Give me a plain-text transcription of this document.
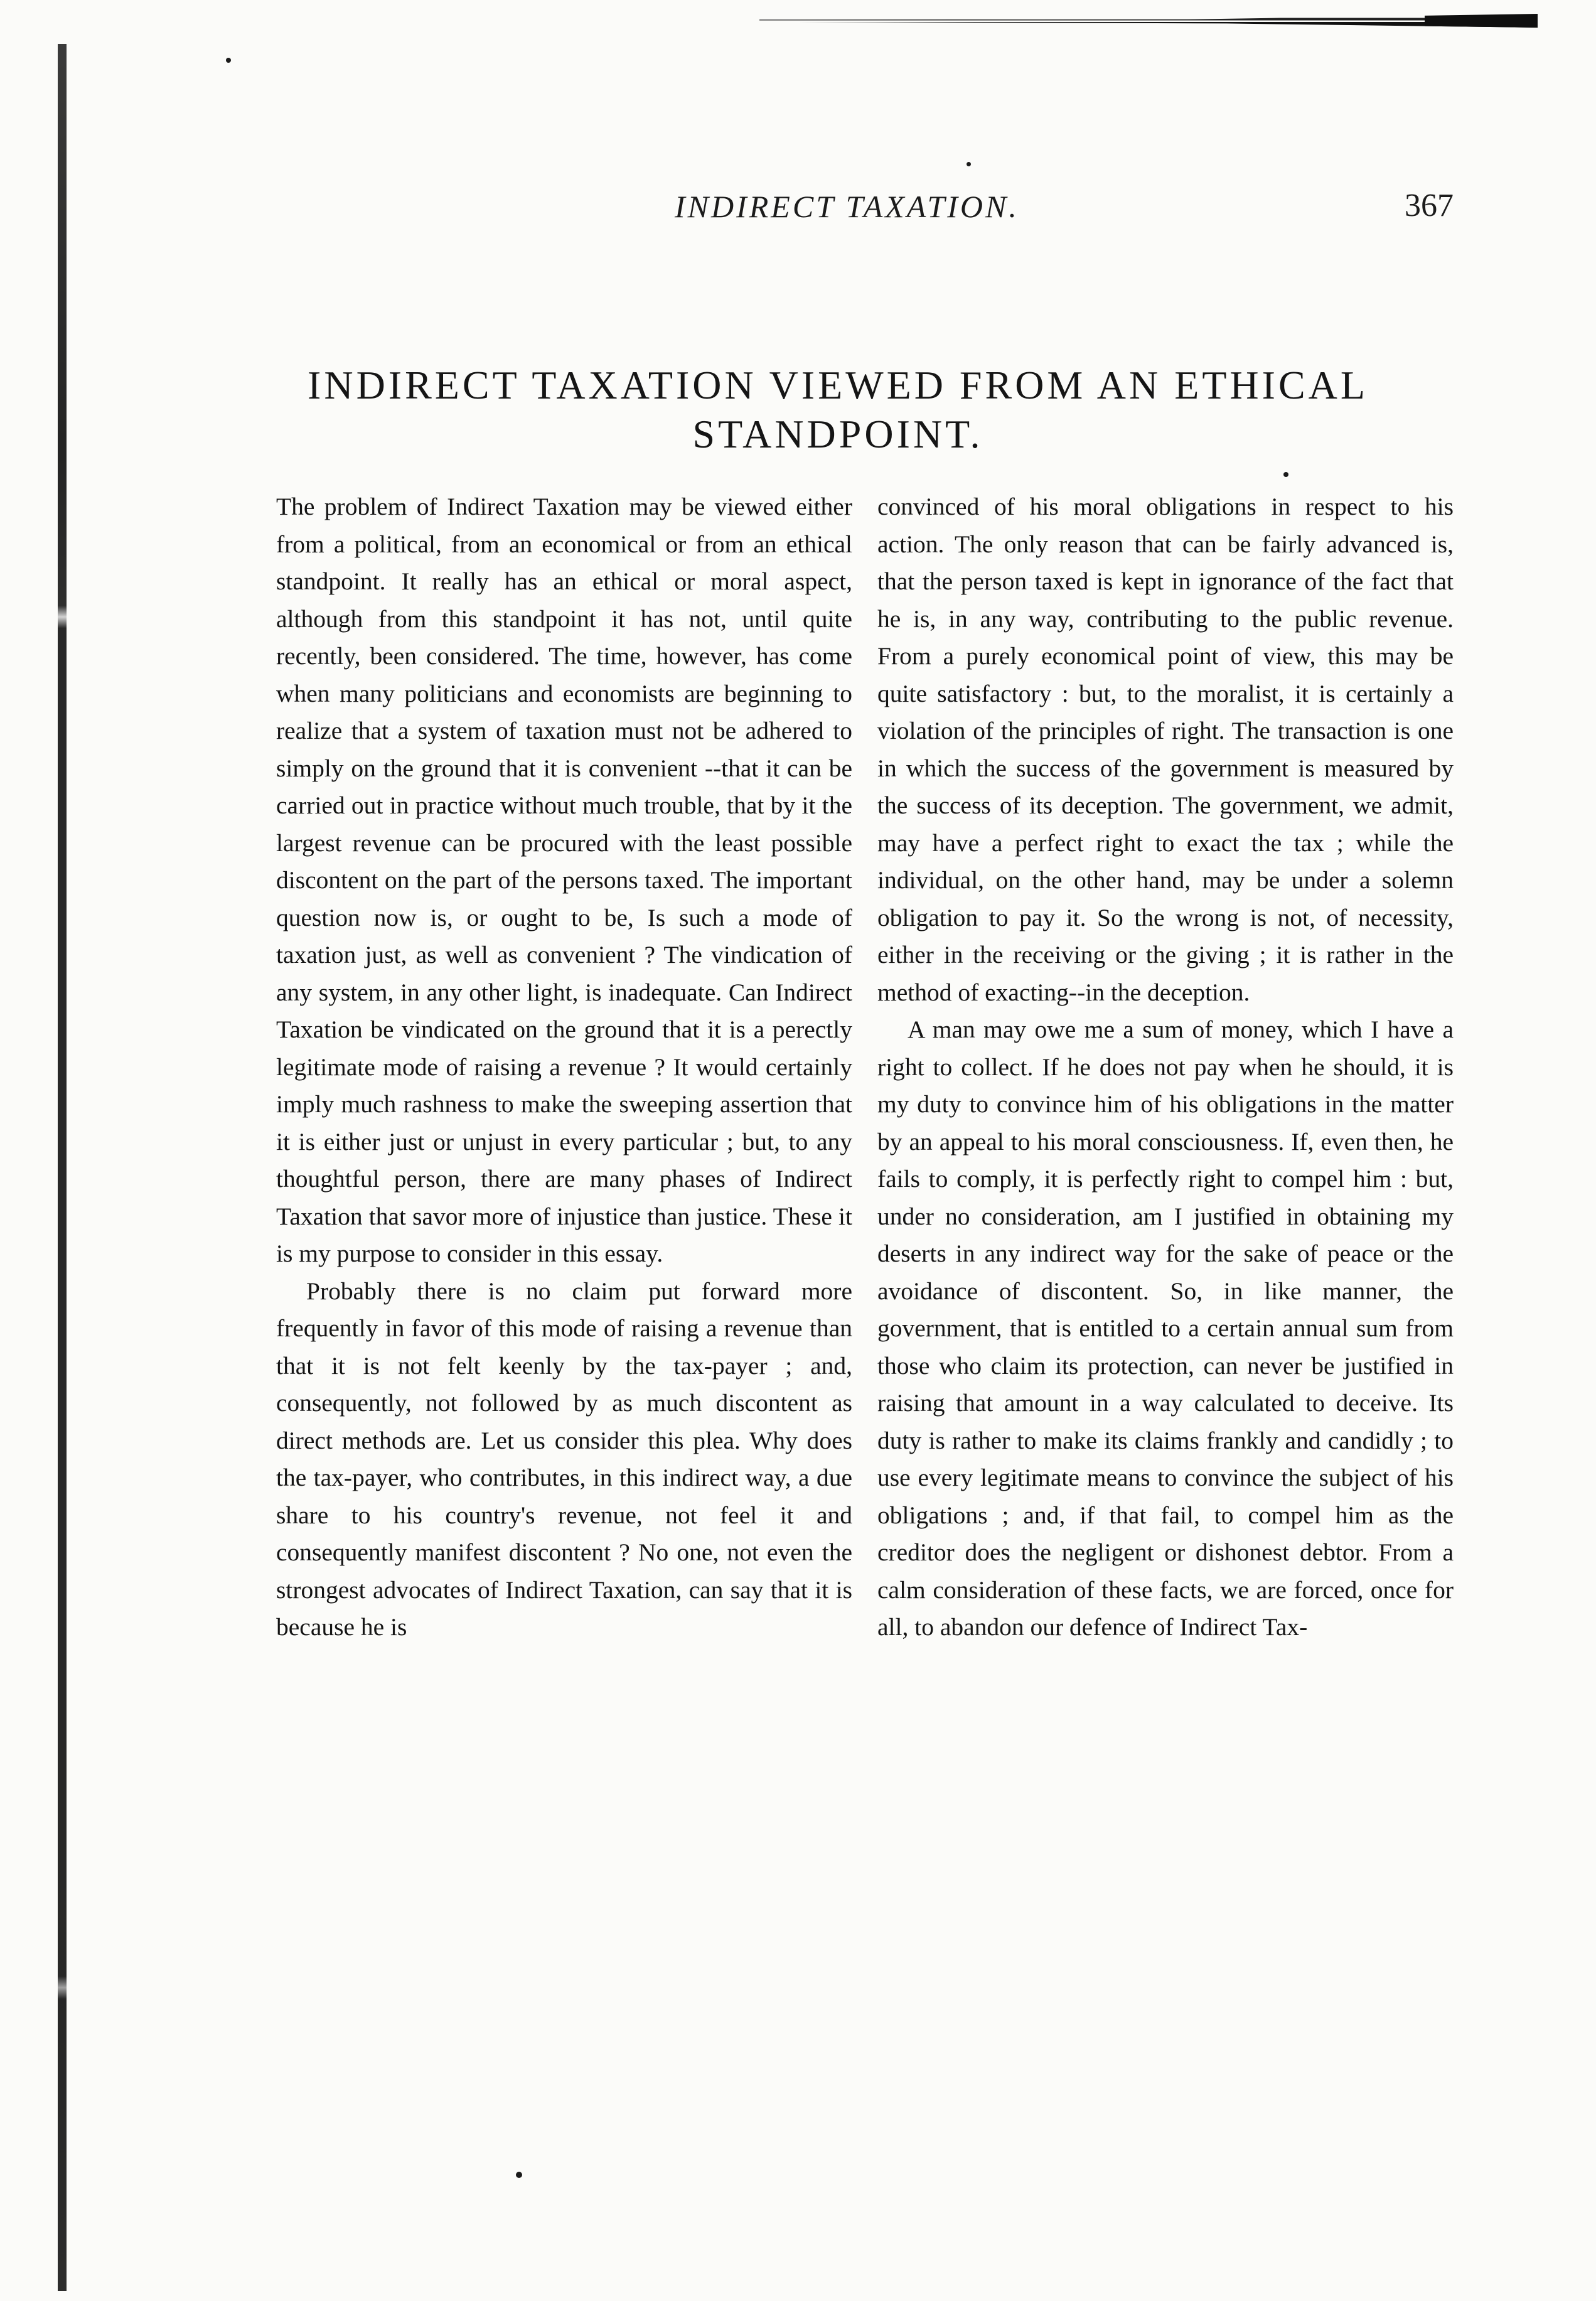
INDIRECT TAXATION.	367
INDIRECT TAXATION VIEWED FROM AN ETHICAL STANDPOINT.

The problem of Indirect Taxation may be viewed either from a political, from an economical or from an ethical standpoint. It really has an ethical or moral aspect, although from this standpoint it has not, until quite recently, been considered. The time, however, has come when many politicians and economists are beginning to realize that a system of taxation must not be adhered to simply on the ground that it is convenient --that it can be carried out in practice without much trouble, that by it the largest revenue can be procured with the least possible discontent on the part of the persons taxed. The important question now is, or ought to be, Is such a mode of taxation just, as well as convenient ? The vindication of any system, in any other light, is inadequate. Can Indirect Taxation be vindicated on the ground that it is a perectly legitimate mode of raising a revenue ? It would certainly imply much rashness to make the sweeping assertion that it is either just or unjust in every particular ; but, to any thoughtful person, there are many phases of Indirect Taxation that savor more of injustice than justice. These it is my purpose to consider in this essay.

Probably there is no claim put forward more frequently in favor of this mode of raising a revenue than that it is not felt keenly by the tax-payer ; and, consequently, not followed by as much discontent as direct methods are. Let us consider this plea. Why does the tax-payer, who contributes, in this indirect way, a due share to his country's revenue, not feel it and consequently manifest discontent ? No one, not even the strongest advocates of Indirect Taxation, can say that it is because he is

convinced of his moral obligations in respect to his action. The only reason that can be fairly advanced is, that the person taxed is kept in ignorance of the fact that he is, in any way, contributing to the public revenue. From a purely economical point of view, this may be quite satisfactory : but, to the moralist, it is certainly a violation of the principles of right. The transaction is one in which the success of the government is measured by the success of its deception. The government, we admit, may have a perfect right to exact the tax ; while the individual, on the other hand, may be under a solemn obligation to pay it. So the wrong is not, of necessity, either in the receiving or the giving ; it is rather in the method of exacting--in the deception.

A man may owe me a sum of money, which I have a right to collect. If he does not pay when he should, it is my duty to convince him of his obligations in the matter by an appeal to his moral consciousness. If, even then, he fails to comply, it is perfectly right to compel him : but, under no consideration, am I justified in obtaining my deserts in any indirect way for the sake of peace or the avoidance of discontent. So, in like manner, the government, that is entitled to a certain annual sum from those who claim its protection, can never be justified in raising that amount in a way calculated to deceive. Its duty is rather to make its claims frankly and candidly ; to use every legitimate means to convince the subject of his obligations ; and, if that fail, to compel him as the creditor does the negligent or dishonest debtor. From a calm consideration of these facts, we are forced, once for all, to abandon our defence of Indirect Tax-
